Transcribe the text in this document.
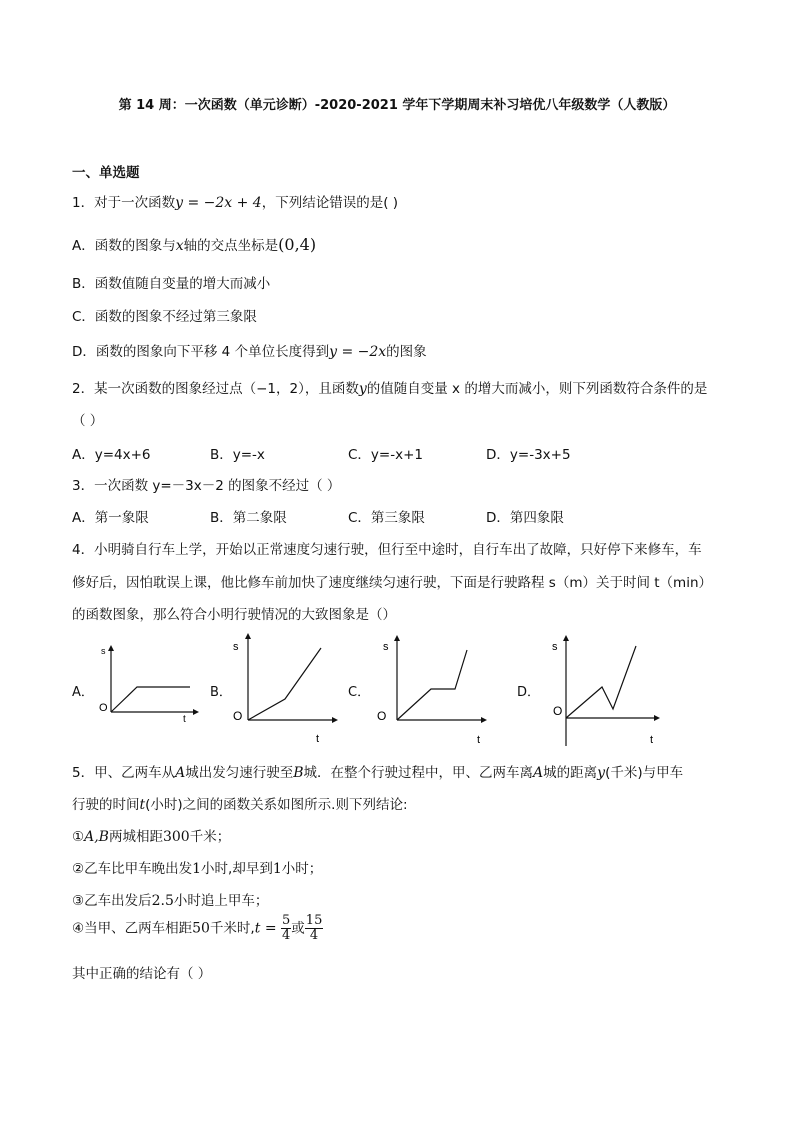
第 14 周：一次函数（单元诊断）-2020-2021 学年下学期周末补习培优八年级数学（人教版）
一、单选题
1．对于一次函数y = −2x + 4，下列结论错误的是( )
A．函数的图象与x轴的交点坐标是(0,4)
B．函数值随自变量的增大而减小
C．函数的图象不经过第三象限
D．函数的图象向下平移 4 个单位长度得到y = −2x的图象
2．某一次函数的图象经过点（−1，2），且函数y的值随自变量 x 的增大而减小，则下列函数符合条件的是
（ ）
A．y=4x+6	B．y=-x	C．y=-x+1	D．y=-3x+5
3．一次函数 y=－3x－2 的图象不经过（ ）
A．第一象限	B．第二象限	C．第三象限	D．第四象限
4．小明骑自行车上学，开始以正常速度匀速行驶，但行至中途时，自行车出了故障，只好停下来修车，车
修好后，因怕耽误上课，他比修车前加快了速度继续匀速行驶，下面是行驶路程 s（m）关于时间 t（min）
的函数图象，那么符合小明行驶情况的大致图象是（）
A．	B．	C．	D．
s
O
t
s
O
t
s
O
t
s
O
t
5．甲、乙两车从A城出发匀速行驶至B城．在整个行驶过程中，甲、乙两车离A城的距离y(千米)与甲车
行驶的时间t(小时)之间的函数关系如图所示.则下列结论:
①A,B两城相距300千米；
②乙车比甲车晚出发1小时,却早到1小时；
③乙车出发后2.5小时追上甲车；
④当甲、乙两车相距50千米时$,t = \frac{5}{4}$ 或 $\frac{15}{4}$
其中正确的结论有（ ）
